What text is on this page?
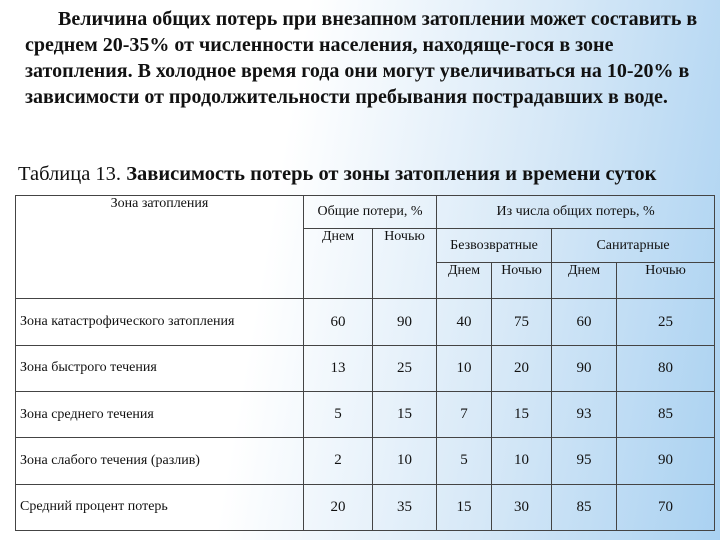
Величина общих потерь при внезапном затоплении может составить в среднем 20-35% от численности населения, находяще-гося в зоне затопления. В холодное время года они могут увеличиваться на 10-20% в зависимости от продолжительности пребывания пострадавших в воде.
Таблица 13. Зависимость потерь от зоны затопления и времени суток
Зона затопления	Общие потери, %		Из числа общих потерь, %			
	Днем	Ночью	Безвозвратные		Санитарные	
			Днем	Ночью	Днем	Ночью
Зона катастрофического затопления	60	90	40	75	60	25
Зона быстрого течения	13	25	10	20	90	80
Зона среднего течения	5	15	7	15	93	85
Зона слабого течения (разлив)	2	10	5	10	95	90
Средний процент потерь	20	35	15	30	85	70
